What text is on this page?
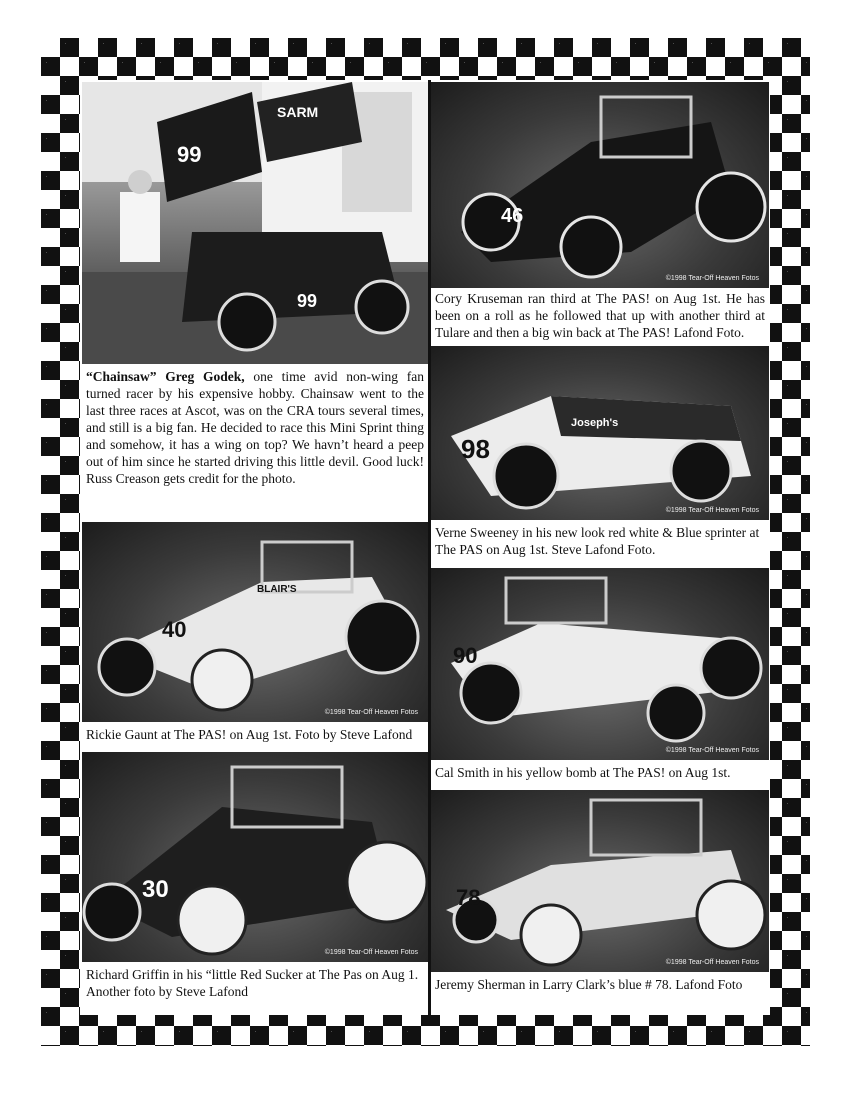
99
99
SARM
“Chainsaw” Greg Godek, one time avid non-wing fan turned racer by his expensive hobby. Chainsaw went to the last three races at Ascot, was on the CRA tours several times, and still is a big fan. He decided to race this Mini Sprint thing and somehow, it has a wing on top? We havn’t heard a peep out of him since he started driving this little devil. Good luck! Russ Creason gets credit for the photo.
46
©1998 Tear-Off Heaven Fotos
Cory Kruseman ran third at The PAS! on Aug 1st. He has been on a roll as he followed that up with another third at Tulare and then a big win back at The PAS! Lafond Foto.
98
Joseph's
©1998 Tear-Off Heaven Fotos
Verne Sweeney in his new look red white & Blue sprinter at The PAS on Aug 1st. Steve Lafond Foto.
40
BLAIR'S
©1998 Tear-Off Heaven Fotos
Rickie Gaunt at The PAS! on Aug 1st. Foto by Steve Lafond
90
©1998 Tear-Off Heaven Fotos
Cal Smith in his yellow bomb at The PAS! on Aug 1st.
30
©1998 Tear-Off Heaven Fotos
Richard Griffin in his “little Red Sucker at The Pas on Aug 1. Another foto by Steve Lafond
78
©1998 Tear-Off Heaven Fotos
Jeremy Sherman in Larry Clark’s blue # 78. Lafond Foto
